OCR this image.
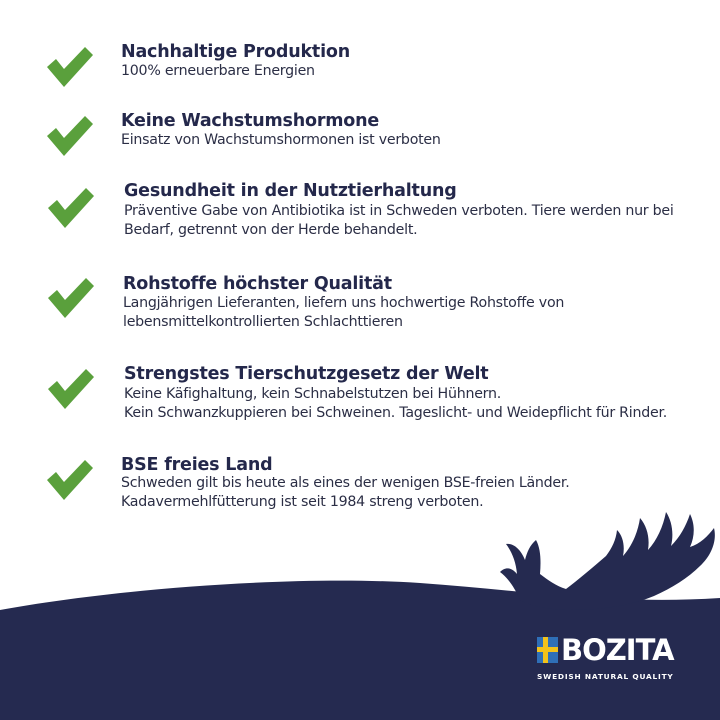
Nachhaltige Produktion
100% erneuerbare Energien
Keine Wachstumshormone
Einsatz von Wachstumshormonen ist verboten
Gesundheit in der Nutztierhaltung
Präventive Gabe von Antibiotika ist in Schweden verboten. Tiere werden nur bei
Bedarf, getrennt von der Herde behandelt.
Rohstoffe höchster Qualität
Langjährigen Lieferanten, liefern uns hochwertige Rohstoffe von
lebensmittelkontrollierten Schlachttieren
Strengstes Tierschutzgesetz der Welt
Keine Käfighaltung, kein Schnabelstutzen bei Hühnern.
Kein Schwanzkuppieren bei Schweinen. Tageslicht- und Weidepflicht für Rinder.
BSE freies Land
Schweden gilt bis heute als eines der wenigen BSE-freien Länder.
Kadavermehlfütterung ist seit 1984 streng verboten.
BOZITA
SWEDISH NATURAL QUALITY
